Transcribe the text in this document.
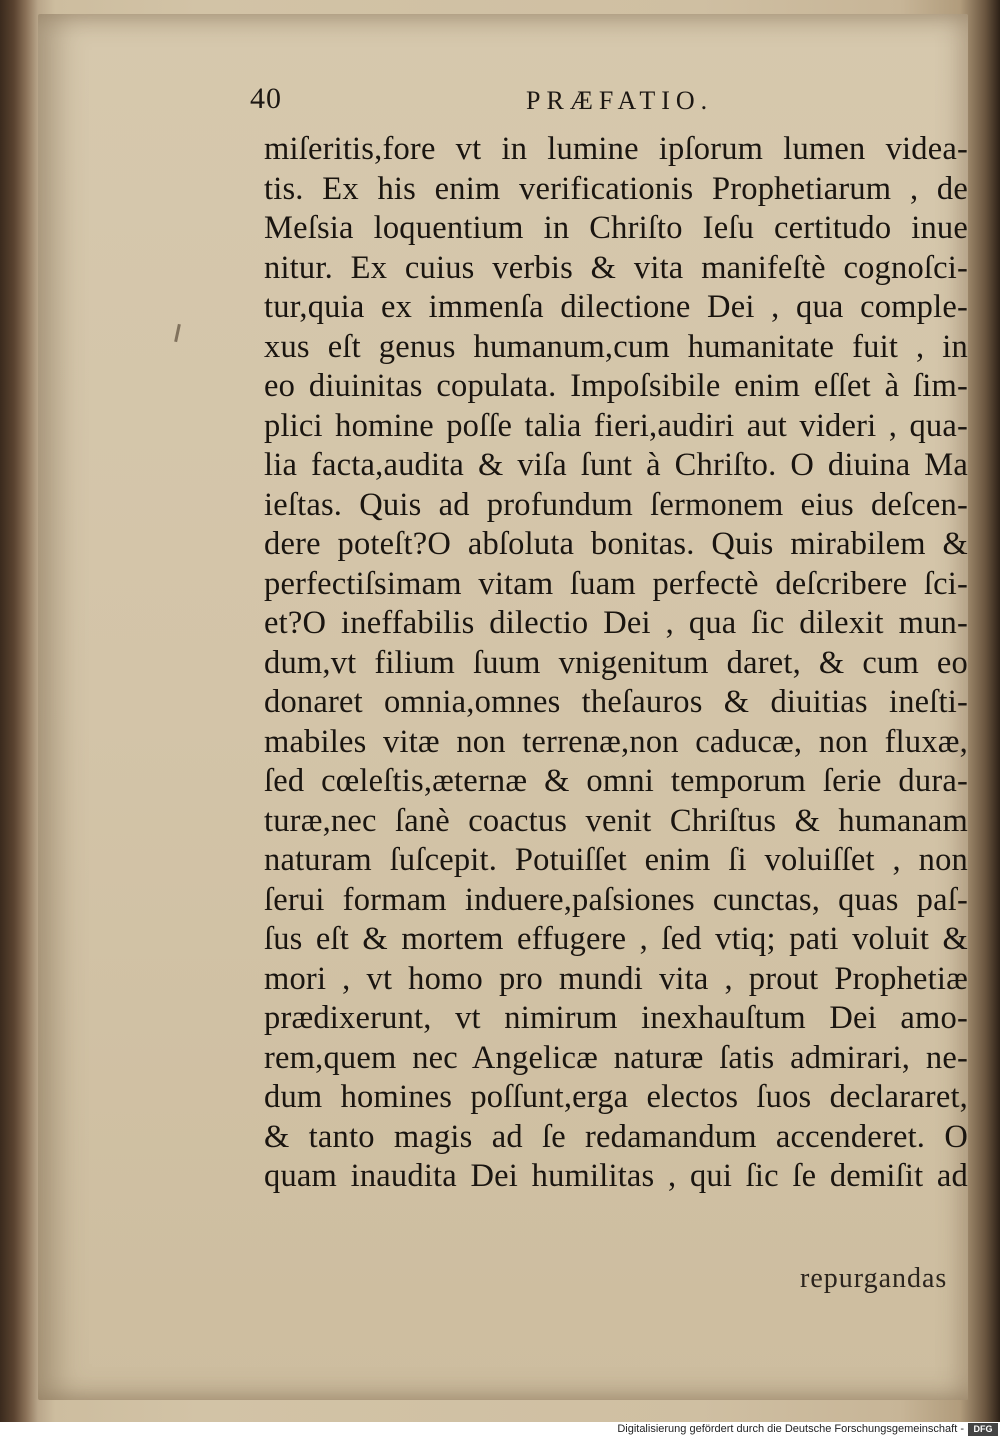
40	PRÆFATIO.
miſeritis,fore vt in lumine ipſorum lumen videa-
tis. Ex his enim verificationis Prophetiarum , de
Meſsia loquentium in Chriſto Ieſu certitudo inue
nitur. Ex cuius verbis & vita manifeſtè cognoſci-
tur,quia ex immenſa dilectione Dei , qua comple-
xus eſt genus humanum,cum humanitate fuit , in
eo diuinitas copulata. Impoſsibile enim eſſet à ſim-
plici homine poſſe talia fieri,audiri aut videri , qua-
lia facta,audita & viſa ſunt à Chriſto. O diuina Ma
ieſtas. Quis ad profundum ſermonem eius deſcen-
dere poteſt?O abſoluta bonitas. Quis mirabilem &
perfectiſsimam vitam ſuam perfectè deſcribere ſci-
et?O ineffabilis dilectio Dei , qua ſic dilexit mun-
dum,vt filium ſuum vnigenitum daret, & cum eo
donaret omnia,omnes theſauros & diuitias ineſti-
mabiles vitæ non terrenæ,non caducæ, non fluxæ,
ſed cœleſtis,æternæ & omni temporum ſerie dura-
turæ,nec ſanè coactus venit Chriſtus & humanam
naturam ſuſcepit. Potuiſſet enim ſi voluiſſet , non
ſerui formam induere,paſsiones cunctas, quas paſ-
ſus eſt & mortem effugere , ſed vtiq; pati voluit &
mori , vt homo pro mundi vita , prout Prophetiæ
prædixerunt, vt nimirum inexhauſtum Dei amo-
rem,quem nec Angelicæ naturæ ſatis admirari, ne-
dum homines poſſunt,erga electos ſuos declararet,
& tanto magis ad ſe redamandum accenderet. O
quam inaudita Dei humilitas , qui ſic ſe demiſit ad
repurgandas
Digitalisierung gefördert durch die Deutsche Forschungsgemeinschaft -	DFG
